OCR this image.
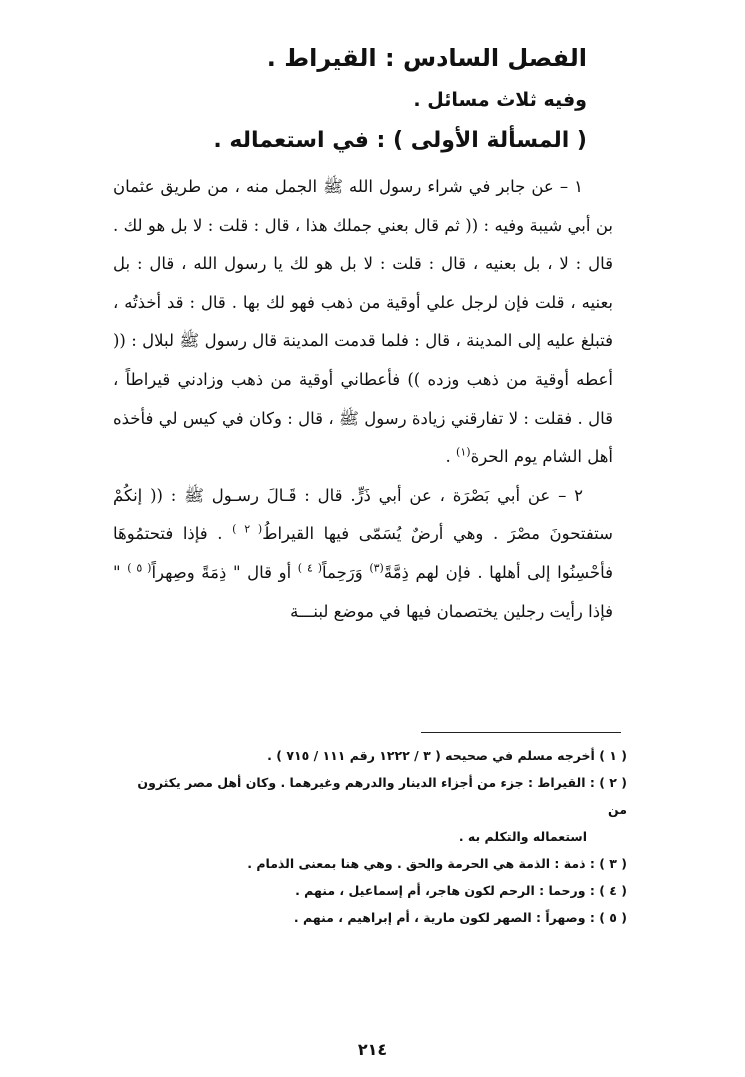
الفصل السادس : القيراط .

وفيه ثلاث مسائل .

( المسألة الأولى ) : في استعماله .

١ – عن جابر في شراء رسول الله ﷺ الجمل منه ، من طريق عثمان بن أبي شيبة وفيه : (( ثم قال بعني جملك هذا ، قال : قلت : لا بل هو لك . قال : لا ، بل بعنيه ، قال : قلت : لا بل هو لك يا رسول الله ، قال : بل بعنيه ، قلت فإن لرجل علي أوقية من ذهب فهو لك بها . قال : قد أخذتُه ، فتبلغ عليه إلى المدينة ، قال : فلما قدمت المدينة قال رسول ﷺ لبلال : (( أعطه أوقية من ذهب وزده )) فأعطاني أوقية من ذهب وزادني قيراطاً ، قال . فقلت : لا تفارقني زيادة رسول ﷺ ، قال : وكان في كيس لي فأخذه أهل الشام يوم الحرة$^{(١)}$ .

٢ – عن أبي بَصْرَة ، عن أبي ذَرٍّ. قال : قَـالَ رسـول ﷺ : (( إنكُمْ ستفتحونَ مصْرَ . وهي أرضٌ يُسَمّى فيها القيراطُ$^{( ٢ )}$ . فإذا فتحتمُوهَا فأحْسِنُوا إلى أهلها . فإن لهم ذِمَّةً$^{(٣)}$ وَرَحِماً$^{( ٤ )}$ أو قال " ذِمَةً وصِهراً$^{( ٥ )}$ " فإذا رأيت رجلين يختصمان فيها في موضع لبنـــة

( ١ ) أخرجه مسلم في صحيحه ( ٣ / ١٢٢٢ رقم ١١١ / ٧١٥ ) .

( ٢ ) : القيراط : جزء من أجزاء الدينار والدرهم وغيرهما . وكان أهل مصر يكثرون من
استعماله والتكلم به .

( ٣ ) : ذمة : الذمة هي الحرمة والحق . وهي هنا بمعنى الذمام .

( ٤ ) : ورحما : الرحم لكون هاجر، أم إسماعيل ، منهم .

( ٥ ) : وصهراً : الصهر لكون مارية ، أم إبراهيم ، منهم .

٢١٤
